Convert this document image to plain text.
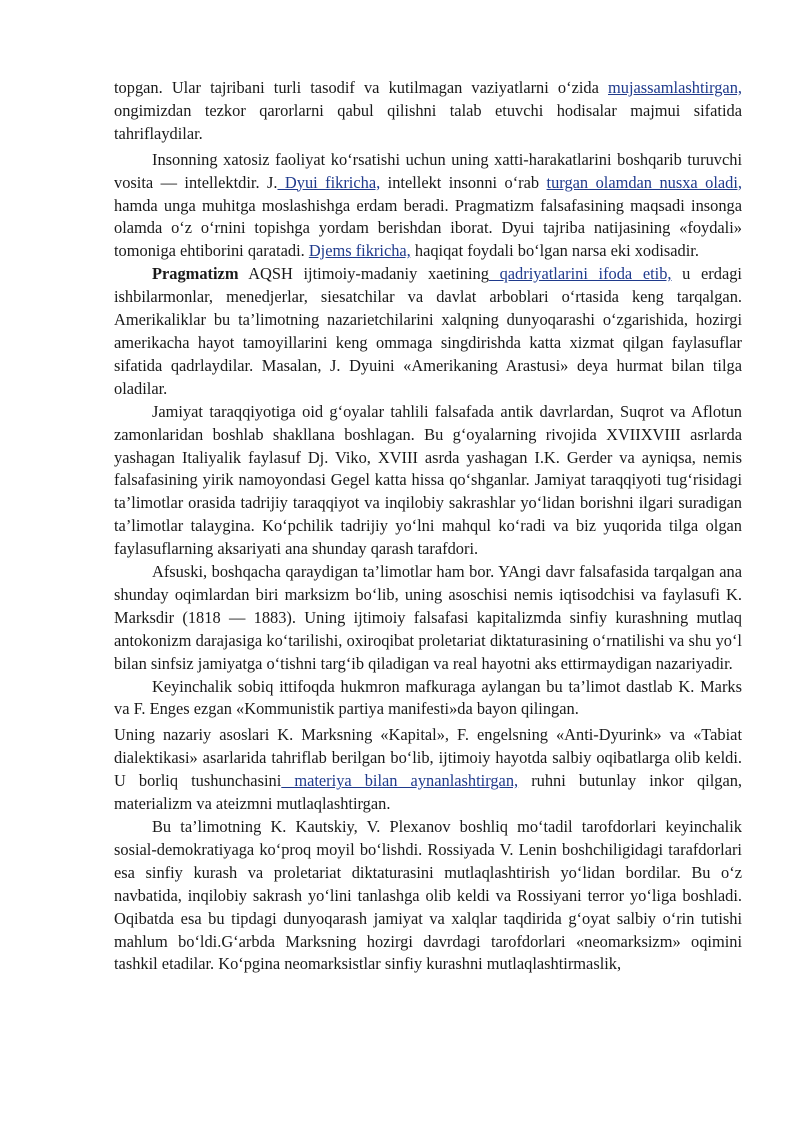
topgan. Ular tajribani turli tasodif va kutilmagan vaziyatlarni o‘zida mujassamlashtirgan, ongimizdan tezkor qarorlarni qabul qilishni talab etuvchi hodisalar majmui sifatida tahriflaydilar.

Insonning xatosiz faoliyat ko‘rsatishi uchun uning xatti-harakatlarini boshqarib turuvchi vosita — intellektdir. J. Dyui fikricha, intellekt insonni o‘rab turgan olamdan nusxa oladi, hamda unga muhitga moslashishga erdam beradi. Pragmatizm falsafasining maqsadi insonga olamda o‘z o‘rnini topishga yordam berishdan iborat. Dyui tajriba natijasining «foydali» tomoniga ehtiborini qaratadi. Djems fikricha, haqiqat foydali bo‘lgan narsa eki xodisadir.

Pragmatizm AQSH ijtimoiy-madaniy xaetining qadriyatlarini ifoda etib, u erdagi ishbilarmonlar, menedjerlar, siesatchilar va davlat arboblari o‘rtasida keng tarqalgan. Amerikaliklar bu ta’limotning nazarietchilarini xalqning dunyoqarashi o‘zgarishida, hozirgi amerikacha hayot tamoyillarini keng ommaga singdirishda katta xizmat qilgan faylasuflar sifatida qadrlaydilar. Masalan, J. Dyuini «Amerikaning Arastusi» deya hurmat bilan tilga oladilar.

Jamiyat taraqqiyotiga oid g‘oyalar tahlili falsafada antik davrlardan, Suqrot va Aflotun zamonlaridan boshlab shakllana boshlagan. Bu g‘oyalarning rivojida XVIIXVIII asrlarda yashagan Italiyalik faylasuf Dj. Viko, XVIII asrda yashagan I.K. Gerder va ayniqsa, nemis falsafasining yirik namoyondasi Gegel katta hissa qo‘shganlar. Jamiyat taraqqiyoti tug‘risidagi ta’limotlar orasida tadrijiy taraqqiyot va inqilobiy sakrashlar yo‘lidan borishni ilgari suradigan ta’limotlar talaygina. Ko‘pchilik tadrijiy yo‘lni mahqul ko‘radi va biz yuqorida tilga olgan faylasuflarning aksariyati ana shunday qarash tarafdori.

Afsuski, boshqacha qaraydigan ta’limotlar ham bor. YAngi davr falsafasida tarqalgan ana shunday oqimlardan biri marksizm bo‘lib, uning asoschisi nemis iqtisodchisi va faylasufi K. Marksdir (1818 — 1883). Uning ijtimoiy falsafasi kapitalizmda sinfiy kurashning mutlaq antokonizm darajasiga ko‘tarilishi, oxiroqibat proletariat diktaturasining o‘rnatilishi va shu yo‘l bilan sinfsiz jamiyatga o‘tishni targ‘ib qiladigan va real hayotni aks ettirmaydigan nazariyadir.

Keyinchalik sobiq ittifoqda hukmron mafkuraga aylangan bu ta’limot dastlab K. Marks va F. Enges ezgan «Kommunistik partiya manifesti»da bayon qilingan.

Uning nazariy asoslari K. Marksning «Kapital», F. engelsning «Anti-Dyurink» va «Tabiat dialektikasi» asarlarida tahriflab berilgan bo‘lib, ijtimoiy hayotda salbiy oqibatlarga olib keldi. U borliq tushunchasini materiya bilan aynanlashtirgan, ruhni butunlay inkor qilgan, materializm va ateizmni mutlaqlashtirgan.

Bu ta’limotning K. Kautskiy, V. Plexanov boshliq mo‘tadil tarofdorlari keyinchalik sosial-demokratiyaga ko‘proq moyil bo‘lishdi. Rossiyada V. Lenin boshchiligidagi tarafdorlari esa sinfiy kurash va proletariat diktaturasini mutlaqlashtirish yo‘lidan bordilar. Bu o‘z navbatida, inqilobiy sakrash yo‘lini tanlashga olib keldi va Rossiyani terror yo‘liga boshladi. Oqibatda esa bu tipdagi dunyoqarash jamiyat va xalqlar taqdirida g‘oyat salbiy o‘rin tutishi mahlum bo‘ldi.G‘arbda Marksning hozirgi davrdagi tarofdorlari «neomarksizm» oqimini tashkil etadilar. Ko‘pgina neomarksistlar sinfiy kurashni mutlaqlashtirmaslik,
